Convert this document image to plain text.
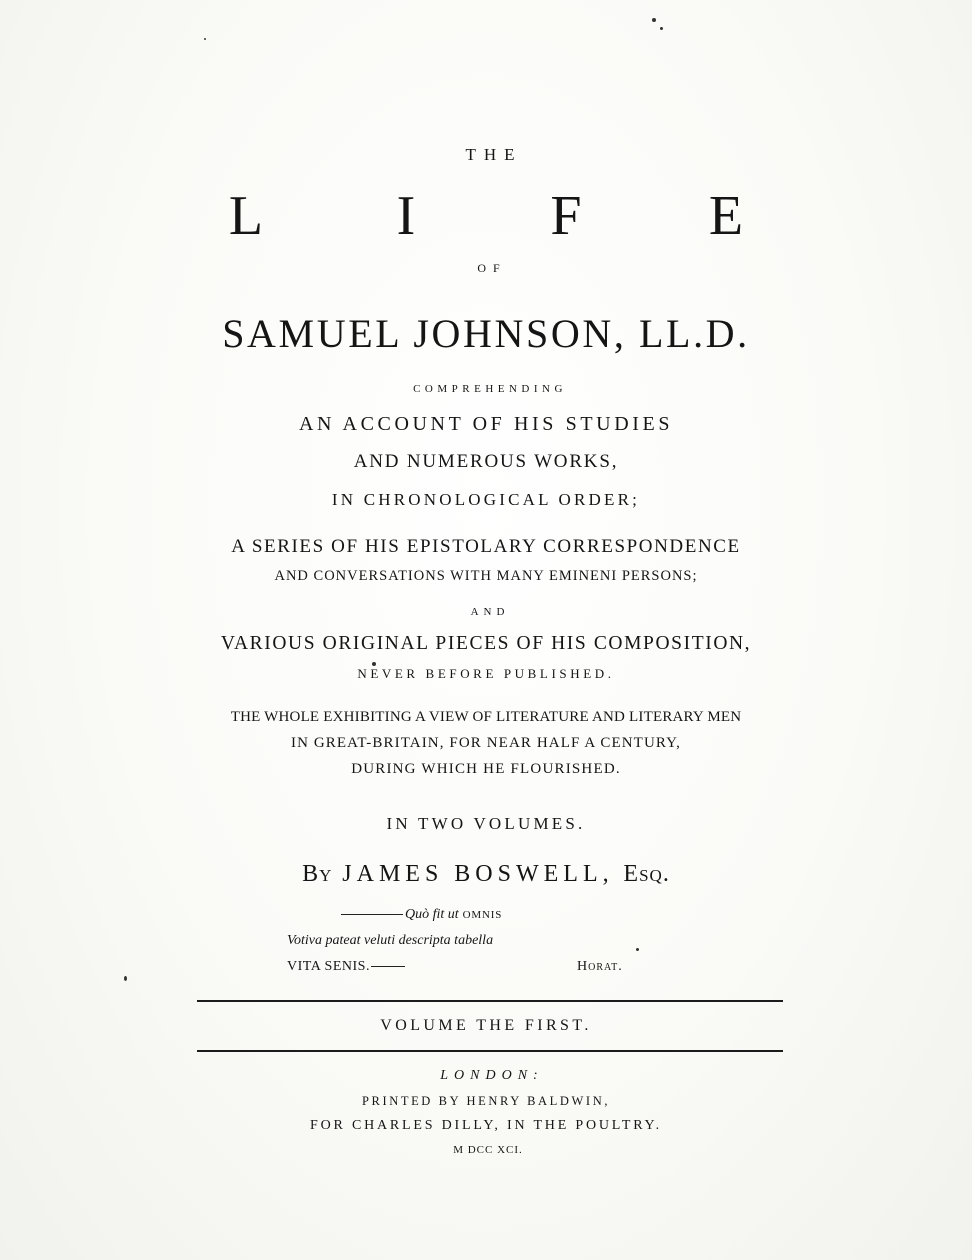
THE
L I F E
OF
SAMUEL JOHNSON, LL.D.
COMPREHENDING
AN ACCOUNT OF HIS STUDIES
AND NUMEROUS WORKS,
IN CHRONOLOGICAL ORDER;
A SERIES OF HIS EPISTOLARY CORRESPONDENCE
AND CONVERSATIONS WITH MANY EMINENI PERSONS;
AND
VARIOUS ORIGINAL PIECES OF HIS COMPOSITION,
NEVER BEFORE PUBLISHED.
THE WHOLE EXHIBITING A VIEW OF LITERATURE AND LITERARY MEN
IN GREAT-BRITAIN, FOR NEAR HALF A CENTURY,
DURING WHICH HE FLOURISHED.
IN TWO VOLUMES.
By JAMES BOSWELL, Esq.
Quò fit ut OMNIS
Votiva pateat veluti descripta tabella
VITA SENIS.	Horat.
VOLUME THE FIRST.
LONDON:
PRINTED BY HENRY BALDWIN,
FOR CHARLES DILLY, IN THE POULTRY.
M DCC XCI.
